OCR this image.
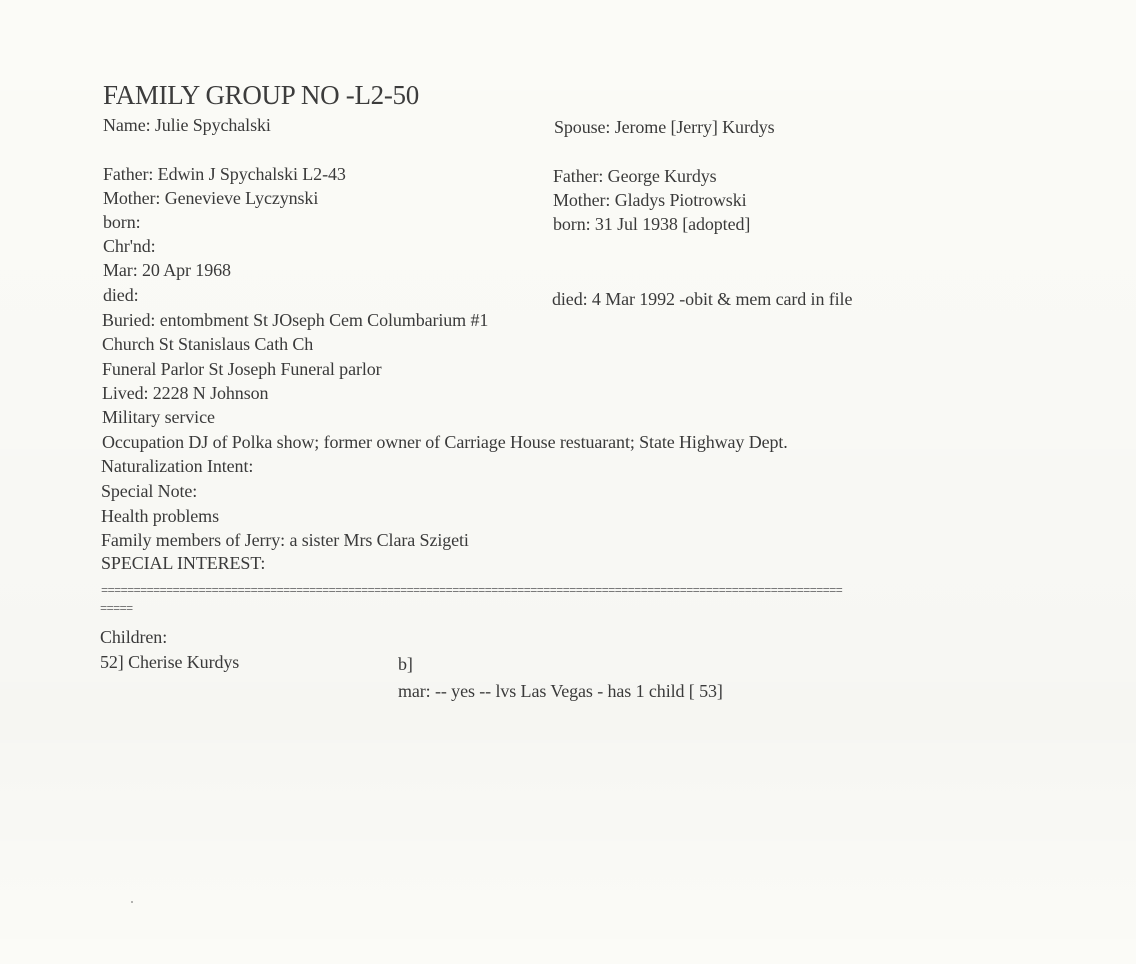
FAMILY GROUP NO -L2-50
Name: Julie Spychalski
Father: Edwin J Spychalski L2-43
Mother: Genevieve Lyczynski
born:
Chr'nd:
Mar: 20 Apr 1968
died:
Spouse: Jerome [Jerry] Kurdys
Father: George Kurdys
Mother: Gladys Piotrowski
born: 31 Jul 1938 [adopted]
died: 4 Mar 1992 -obit & mem card in file
Buried: entombment St JOseph Cem Columbarium #1
Church St Stanislaus Cath Ch
Funeral Parlor St Joseph Funeral parlor
Lived: 2228 N Johnson
Military service
Occupation DJ of Polka show; former owner of Carriage House restuarant; State Highway Dept.
Naturalization Intent:
Special Note:
Health problems
Family members of Jerry: a sister Mrs Clara Szigeti
SPECIAL INTEREST:
==================================================================================================================
=====
Children:
52] Cherise Kurdys	b]
mar: -- yes -- lvs Las Vegas - has 1 child [ 53]
